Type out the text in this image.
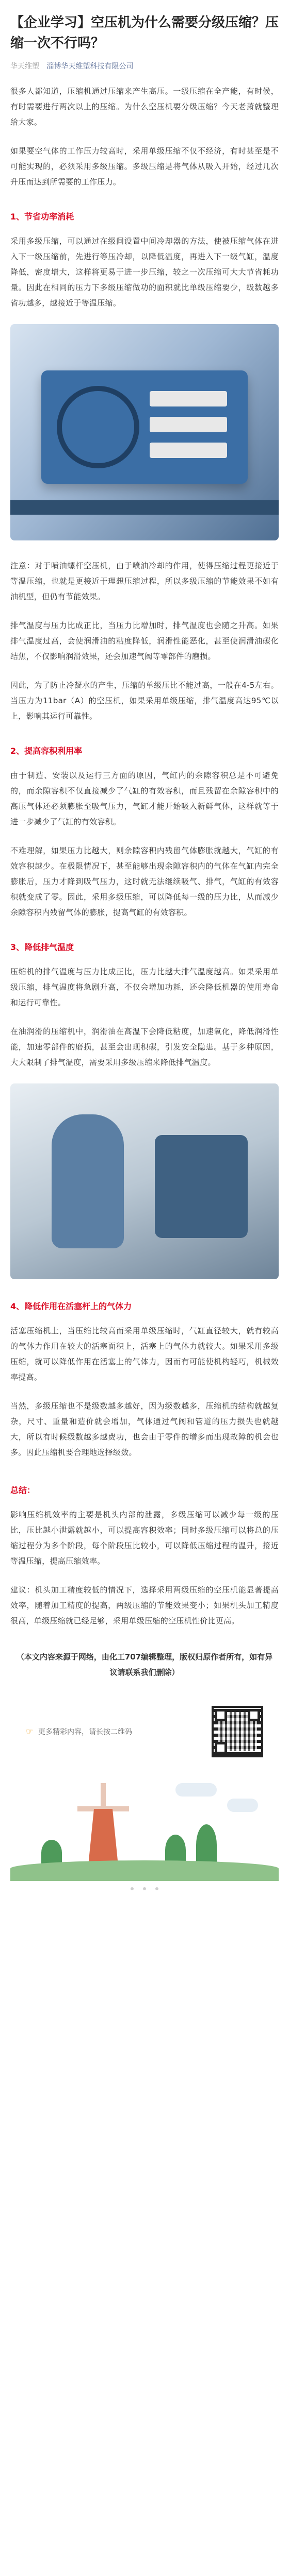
【企业学习】空压机为什么需要分级压缩？压缩一次不行吗？
华天维塑 淄博华天维塑科技有限公司

很多人都知道，压缩机通过压缩来产生高压。一级压缩在全产能，有时候，有时需要进行两次以上的压缩。为什么空压机要分级压缩？今天老萧就整理给大家。

如果要空气体的工作压力较高时，采用单级压缩不仅不经济，有时甚至是不可能实现的，必须采用多级压缩。多级压缩是将气体从吸入开始，经过几次升压而达到所需要的工作压力。

1、节省功率消耗

采用多级压缩，可以通过在级间设置中间冷却器的方法，使被压缩气体在进入下一级压缩前，先进行等压冷却，以降低温度，再进入下一级气缸，温度降低，密度增大，这样将更易于进一步压缩，较之一次压缩可大大节省耗功量。因此在相同的压力下多级压缩做功的面积就比单级压缩要少，级数越多省功越多，越接近于等温压缩。

注意：对于喷油螺杆空压机，由于喷油冷却的作用，使得压缩过程更接近于等温压缩，也就是更接近于理想压缩过程，所以多级压缩的节能效果不如有油机型，但仍有节能效果。

排气温度与压力比成正比，当压力比增加时，排气温度也会随之升高。如果排气温度过高，会使润滑油的粘度降低，润滑性能恶化，甚至使润滑油碳化结焦，不仅影响润滑效果，还会加速气阀等零部件的磨损。

因此，为了防止冷凝水的产生，压缩的单级压比不能过高，一般在4-5左右。当压力为11bar（A）的空压机，如果采用单级压缩，排气温度高达95℃以上，影响其运行可靠性。

2、提高容积利用率

由于制造、安装以及运行三方面的原因，气缸内的余隙容积总是不可避免的，而余隙容积不仅直接减少了气缸的有效容积，而且残留在余隙容积中的高压气体还必须膨胀至吸气压力，气缸才能开始吸入新鲜气体，这样就等于进一步减少了气缸的有效容积。

不难理解，如果压力比越大，则余隙容积内残留气体膨胀就越大，气缸的有效容积越少。在极限情况下，甚至能够出现余隙容积内的气体在气缸内完全膨胀后，压力才降到吸气压力，这时就无法继续吸气、排气，气缸的有效容积就变成了零。因此，采用多级压缩，可以降低每一级的压力比，从而减少余隙容积内残留气体的膨胀，提高气缸的有效容积。

3、降低排气温度

压缩机的排气温度与压力比成正比，压力比越大排气温度越高。如果采用单级压缩，排气温度将急剧升高，不仅会增加功耗，还会降低机器的使用寿命和运行可靠性。

在油润滑的压缩机中，润滑油在高温下会降低粘度，加速氧化，降低润滑性能，加速零部件的磨损，甚至会出现积碳，引发安全隐患。基于多种原因，大大限制了排气温度，需要采用多级压缩来降低排气温度。

4、降低作用在活塞杆上的气体力

活塞压缩机上，当压缩比较高而采用单级压缩时，气缸直径较大，就有较高的气体力作用在较大的活塞面积上，活塞上的气体力就较大。如果采用多级压缩，就可以降低作用在活塞上的气体力，因而有可能使机构轻巧，机械效率提高。

当然，多级压缩也不是级数越多越好，因为级数越多，压缩机的结构就越复杂，尺寸、重量和造价就会增加，气体通过气阀和管道的压力损失也就越大，所以有时候级数越多越费功，也会由于零件的增多而出现故障的机会也多。因此压缩机要合理地选择级数。

总结：

影响压缩机效率的主要是机头内部的泄露，多级压缩可以减少每一级的压比，压比越小泄露就越小，可以提高容积效率；同时多级压缩可以将总的压缩过程分为多个阶段，每个阶段压比较小，可以降低压缩过程的温升，接近等温压缩，提高压缩效率。

建议：机头加工精度较低的情况下，选择采用两级压缩的空压机能显著提高效率，随着加工精度的提高，两级压缩的节能效果变小；如果机头加工精度很高，单级压缩就已经足够，采用单级压缩的空压机性价比更高。

（本文内容来源于网络，由化工707编辑整理，版权归原作者所有，如有异议请联系我们删除）

☞ 更多精彩内容，请长按二维码
